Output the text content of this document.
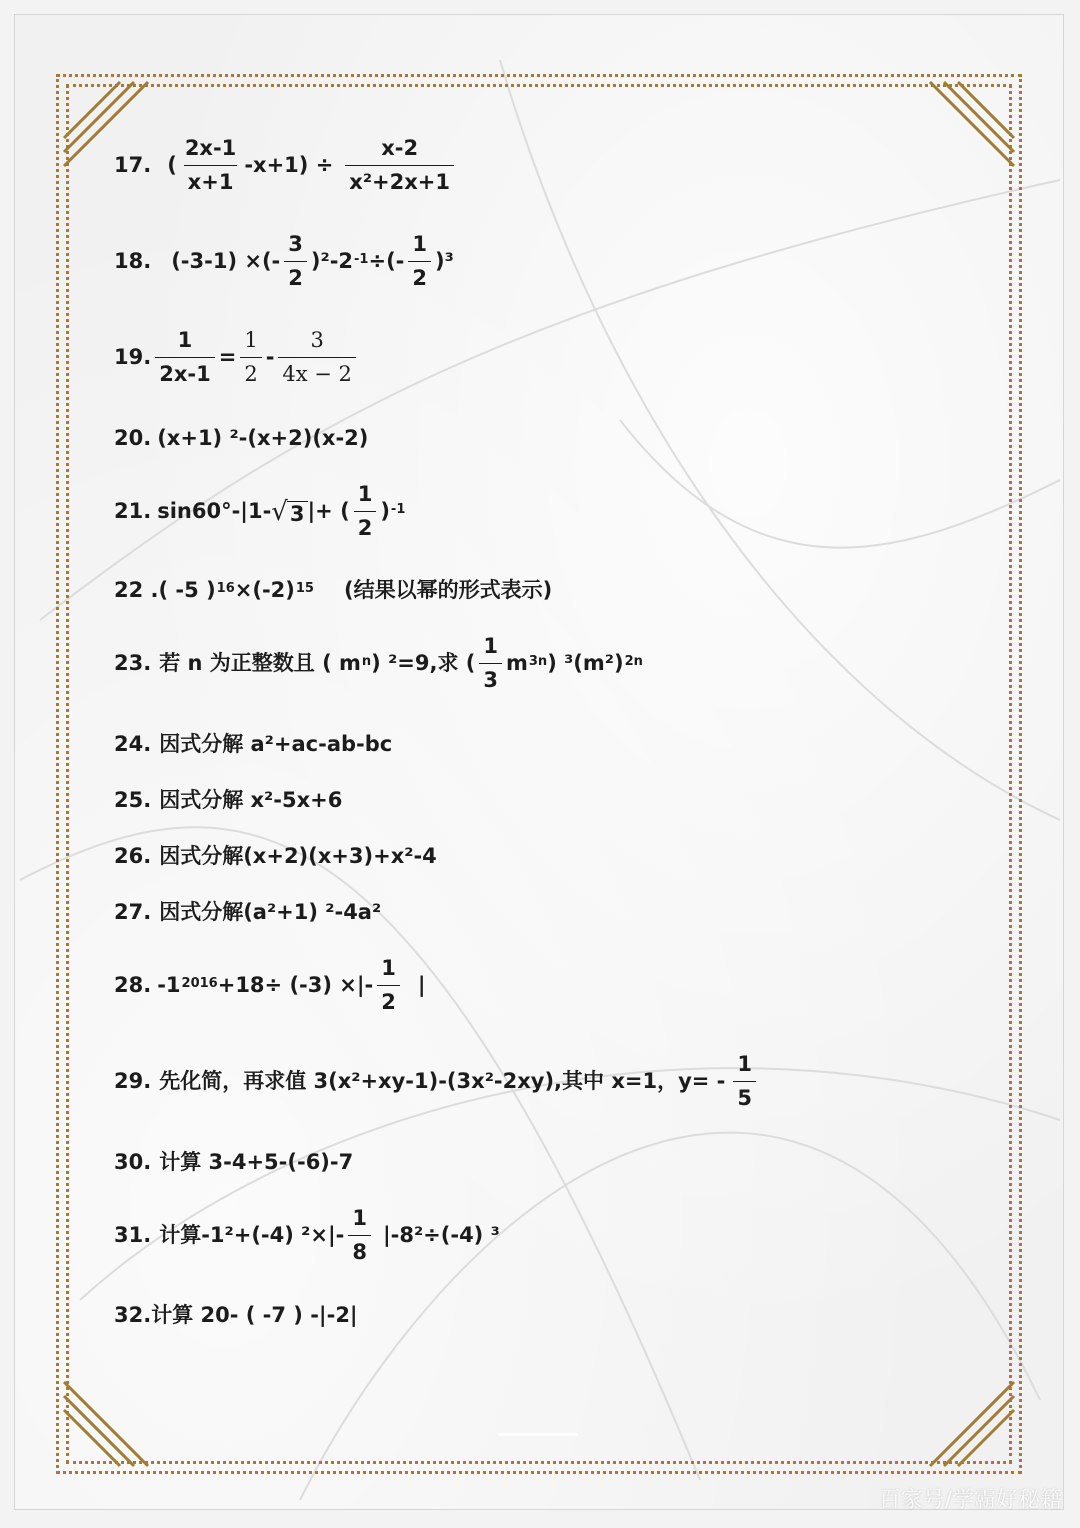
17. ( $\frac{2x-1}{x+1} -x+1) \div \frac{x-2}{\text{x²+2x+1}}$
18. (-3-1) ×(- $\frac{3}{2} )^2-2^{-1}$ ÷(- $\frac{1}{2} )^3$
19. $\frac{1}{2x-1} = \frac{1}{2} - \frac{3}{4x - 2}$
20. (x+1) ²-(x+2)(x-2)
21. sin60°-|1- √ 3 |+ ( $\frac{1}{2} )^{-1}$
22 . ( -5 )$^{16} \times(-2)^{15}$ (结果以幂的形式表示)
23. 若 n 为正整数且 ( $m^n$ ) ²=9,求 ( $\frac{1}{3} m^{3n}$ ) $^3(m^2)^{2n}$
24. 因式分解 a²+ac-ab-bc
25. 因式分解 x²-5x+6
26. 因式分解(x+2)(x+3)+x²-4
27. 因式分解(a²+1) ²-4a²
28. $-1^{2016} +18\div (-3)$ ×|- $\frac{1}{2}$ |
29. 先化简，再求值 3(x²+xy-1)-(3x²-2xy),其中 x=1，$y= - \frac{1}{5}$
30. 计算 3-4+5-(-6)-7
31. 计算-1²+(-4) $^2\times|- \frac{1}{8} |-8^2\div(-4)$ ³
32. 计算 20- ( -7 ) -|-2|
百家号/学霸好秘籍
